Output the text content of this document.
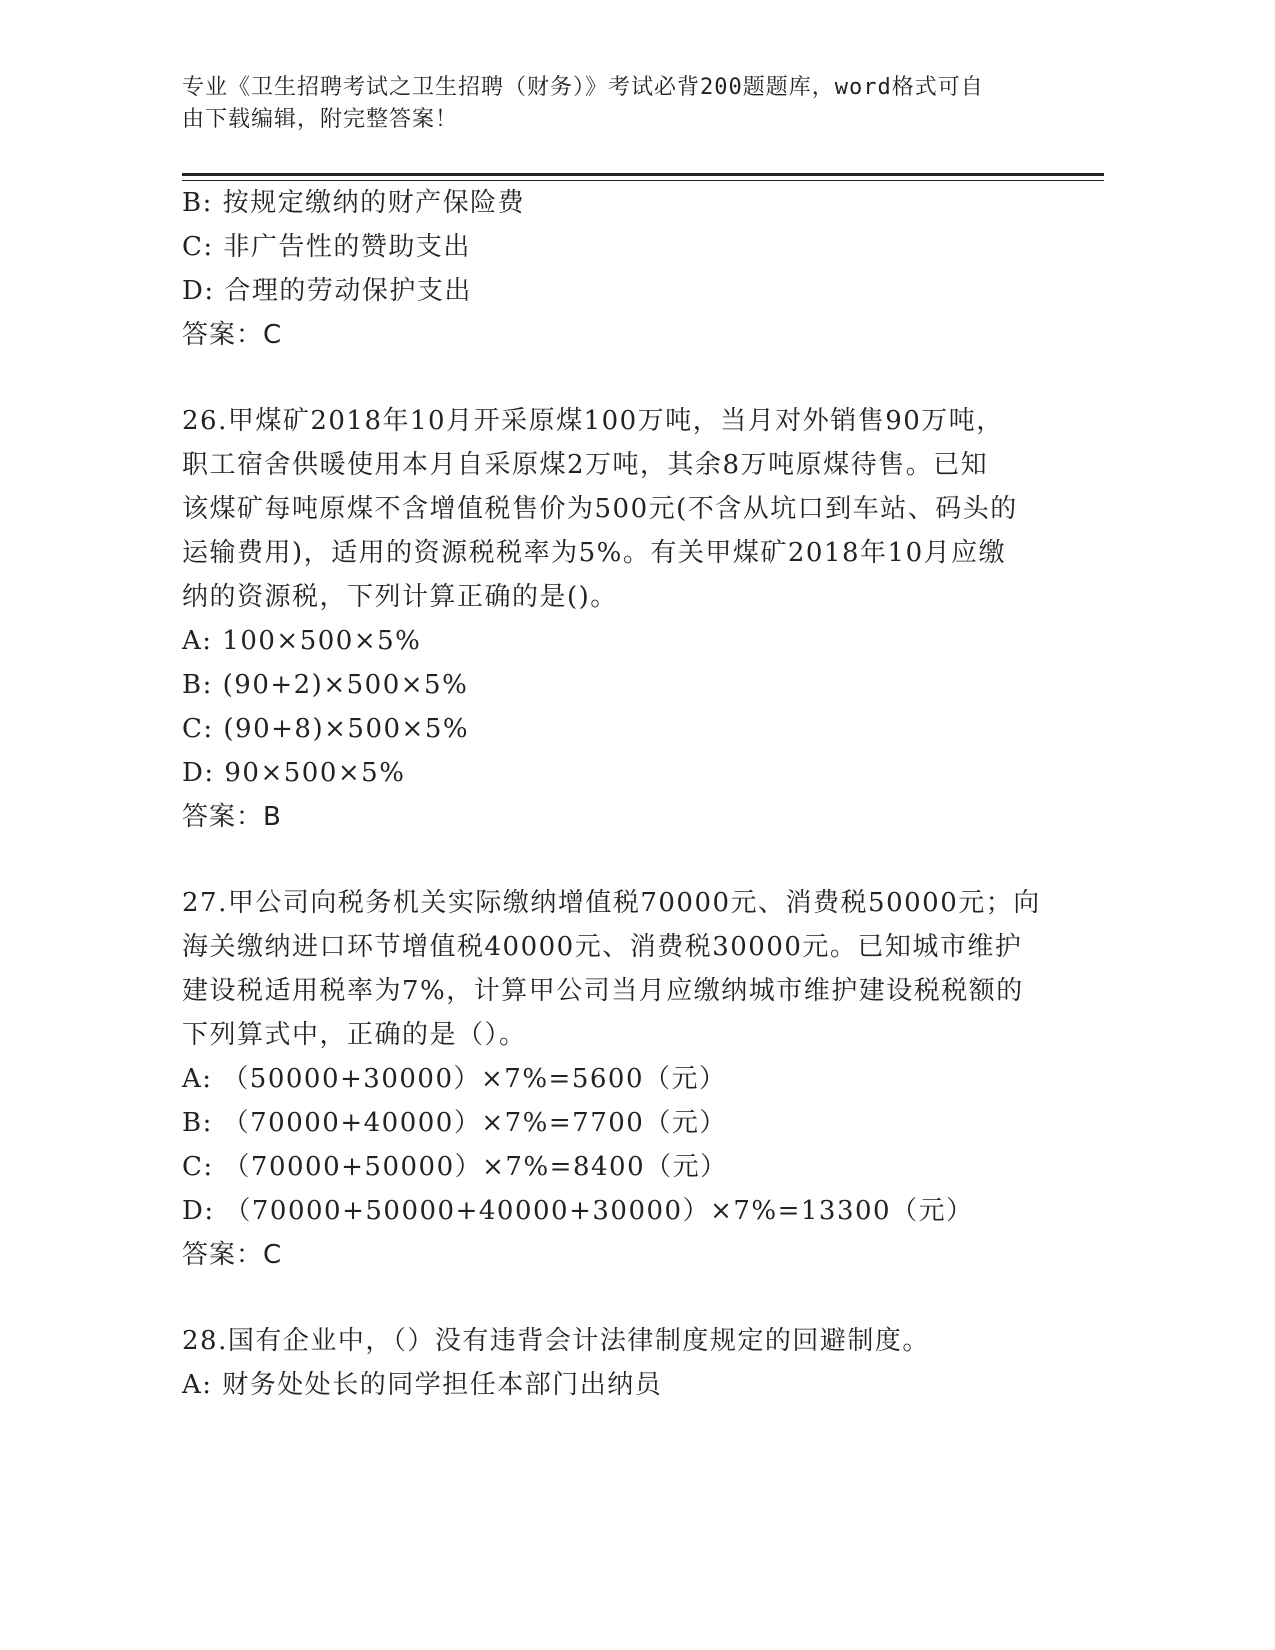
专业《卫生招聘考试之卫生招聘（财务）》考试必背200题题库，word格式可自
由下载编辑，附完整答案！
B: 按规定缴纳的财产保险费
C: 非广告性的赞助支出
D: 合理的劳动保护支出
答案：C
26.甲煤矿2018年10月开采原煤100万吨，当月对外销售90万吨，
职工宿舍供暖使用本月自采原煤2万吨，其余8万吨原煤待售。已知
该煤矿每吨原煤不含增值税售价为500元(不含从坑口到车站、码头的
运输费用)，适用的资源税税率为5%。有关甲煤矿2018年10月应缴
纳的资源税，下列计算正确的是()。
A: 100×500×5%
B: (90+2)×500×5%
C: (90+8)×500×5%
D: 90×500×5%
答案：B
27.甲公司向税务机关实际缴纳增值税70000元、消费税50000元；向
海关缴纳进口环节增值税40000元、消费税30000元。已知城市维护
建设税适用税率为7%，计算甲公司当月应缴纳城市维护建设税税额的
下列算式中，正确的是（）。
A: （50000+30000）×7%=5600（元）
B: （70000+40000）×7%=7700（元）
C: （70000+50000）×7%=8400（元）
D: （70000+50000+40000+30000）×7%=13300（元）
答案：C
28.国有企业中，（）没有违背会计法律制度规定的回避制度。
A: 财务处处长的同学担任本部门出纳员
